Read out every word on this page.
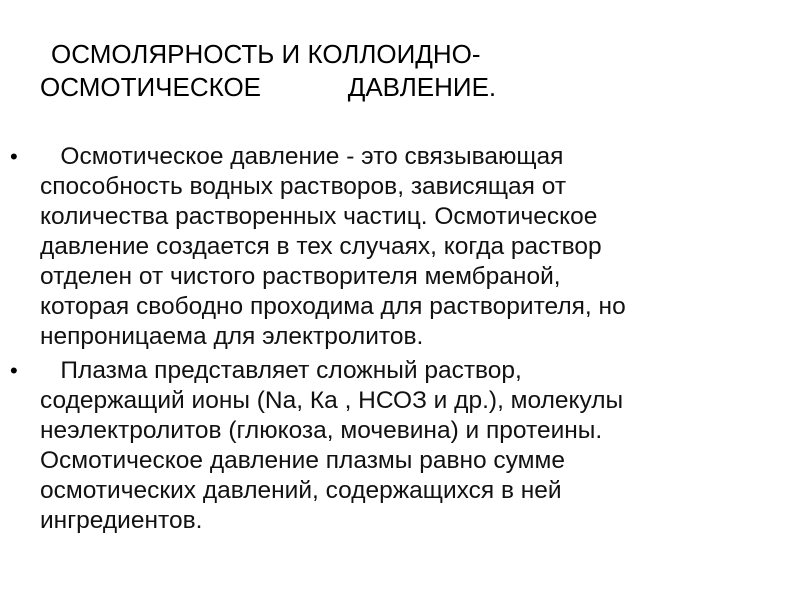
ОСМОЛЯРНОСТЬ И КОЛЛОИДНО-
ОСМОТИЧЕСКОЕ            ДАВЛЕНИЕ.
• Осмотическое давление - это связывающая
способность водных растворов, зависящая от
количества растворенных частиц. Осмотическое
давление создается в тех случаях, когда раствор
отделен от чистого растворителя мембраной,
которая свободно проходима для растворителя, но
непроницаема для электролитов.
• Плазма представляет сложный раствор,
содержащий ионы (Na, Ка , НСОЗ и др.), молекулы
неэлектролитов (глюкоза, мочевина) и протеины.
Осмотическое давление плазмы равно сумме
осмотических давлений, содержащихся в ней
ингредиентов.
